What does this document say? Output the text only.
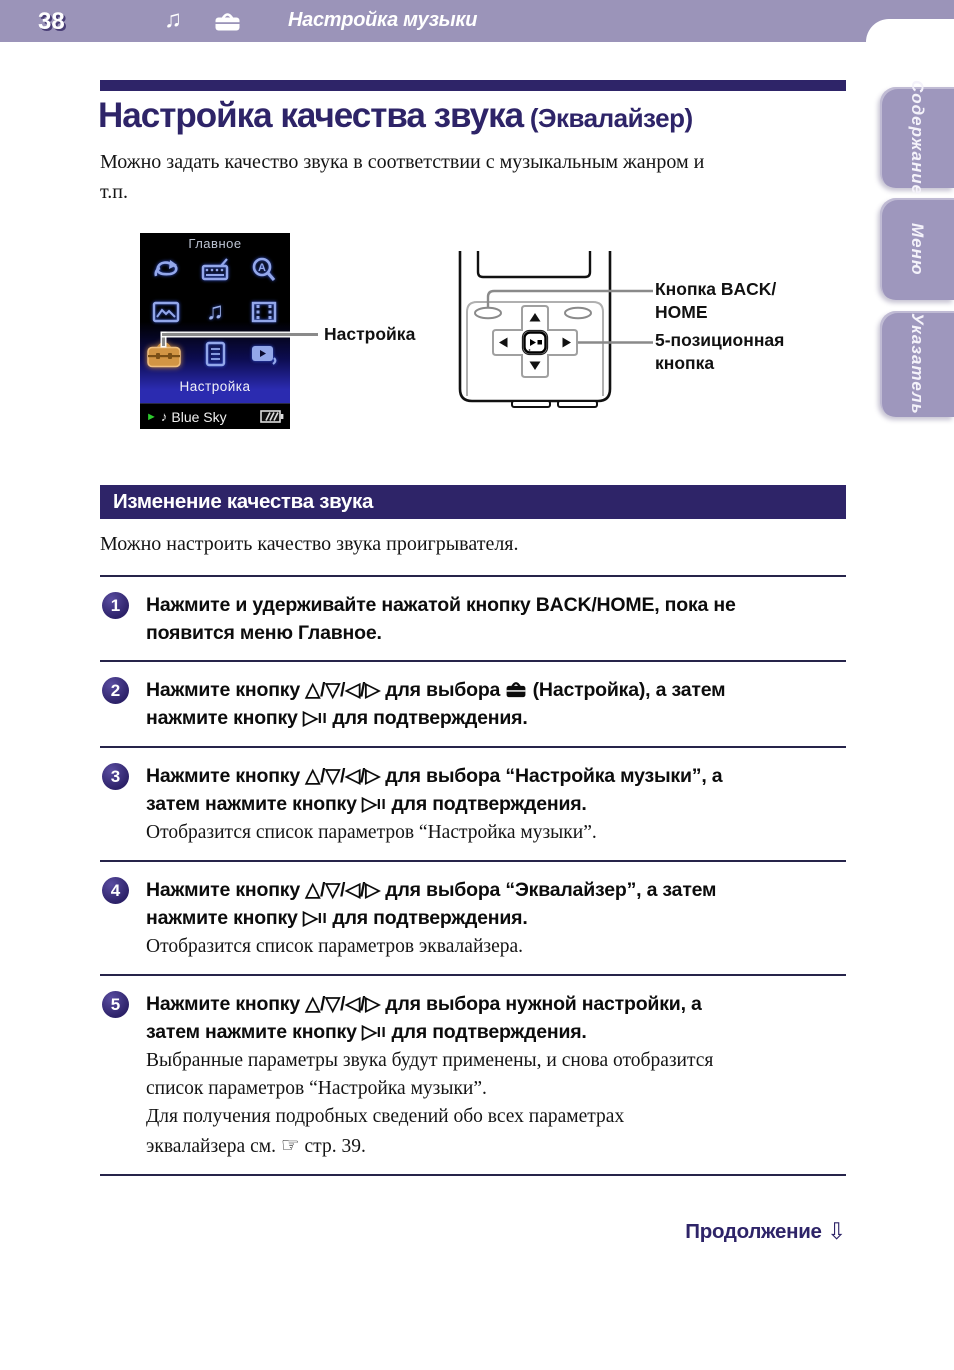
38	♫	Настройка музыки
Содержание
Меню
Указатель
Настройка качества звука (Эквалайзер)
Можно задать качество звука в соответствии с музыкальным жанром и
т.п.
Главное
A
♫
Настройка
► ♪ Blue Sky
Настройка
Кнопка BACK/
HOME
5-позиционная
кнопка
Изменение качества звука
Можно настроить качество звука проигрывателя.
1	Нажмите и удерживайте нажатой кнопку BACK/HOME, пока не
появится меню Главное.
2	Нажмите кнопку △/▽/◁/▷ для выбора  (Настройка), а затем
нажмите кнопку ▷II для подтверждения.
3	Нажмите кнопку △/▽/◁/▷ для выбора “Настройка музыки”, а
затем нажмите кнопку ▷II для подтверждения.
Отобразится список параметров “Настройка музыки”.
4	Нажмите кнопку △/▽/◁/▷ для выбора “Эквалайзер”, а затем
нажмите кнопку ▷II для подтверждения.
Отобразится список параметров эквалайзера.
5	Нажмите кнопку △/▽/◁/▷ для выбора нужной настройки, а
затем нажмите кнопку ▷II для подтверждения.
Выбранные параметры звука будут применены, и снова отобразится
список параметров “Настройка музыки”.
Для получения подробных сведений обо всех параметрах
эквалайзера см. ☞ стр. 39.
Продолжение ⇩
